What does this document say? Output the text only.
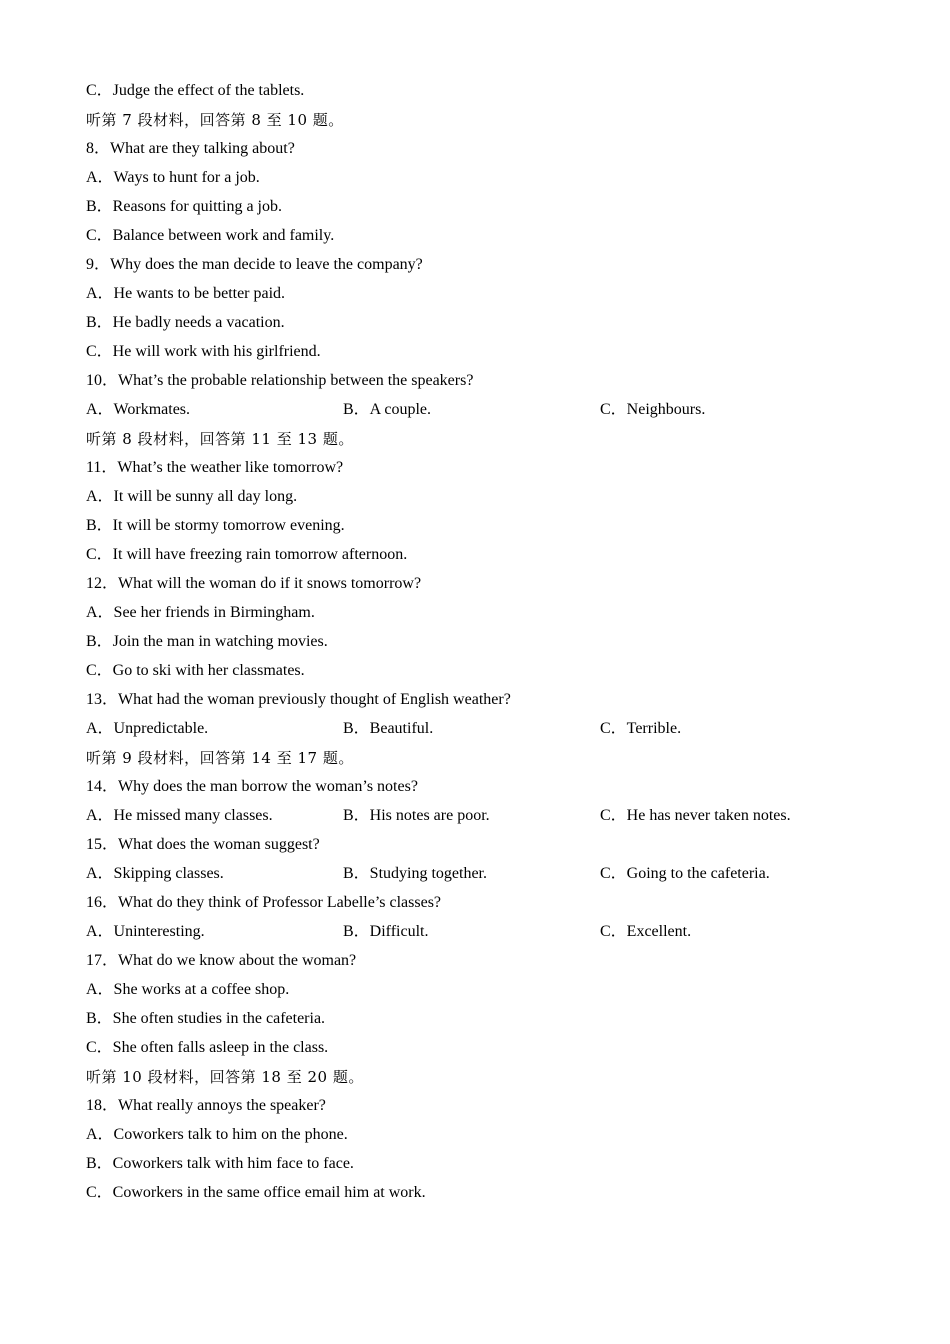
C．Judge the effect of the tablets.
听第 7 段材料，回答第 8 至 10 题。
8．What are they talking about?
A．Ways to hunt for a job.
B．Reasons for quitting a job.
C．Balance between work and family.
9．Why does the man decide to leave the company?
A．He wants to be better paid.
B．He badly needs a vacation.
C．He will work with his girlfriend.
10．What’s the probable relationship between the speakers?
A．Workmates.	B．A couple.	C．Neighbours.
听第 8 段材料，回答第 11 至 13 题。
11．What’s the weather like tomorrow?
A．It will be sunny all day long.
B．It will be stormy tomorrow evening.
C．It will have freezing rain tomorrow afternoon.
12．What will the woman do if it snows tomorrow?
A．See her friends in Birmingham.
B．Join the man in watching movies.
C．Go to ski with her classmates.
13．What had the woman previously thought of English weather?
A．Unpredictable.	B．Beautiful.	C．Terrible.
听第 9 段材料，回答第 14 至 17 题。
14．Why does the man borrow the woman’s notes?
A．He missed many classes.	B．His notes are poor.	C．He has never taken notes.
15．What does the woman suggest?
A．Skipping classes.	B．Studying together.	C．Going to the cafeteria.
16．What do they think of Professor Labelle’s classes?
A．Uninteresting.	B．Difficult.	C．Excellent.
17．What do we know about the woman?
A．She works at a coffee shop.
B．She often studies in the cafeteria.
C．She often falls asleep in the class.
听第 10 段材料，回答第 18 至 20 题。
18．What really annoys the speaker?
A．Coworkers talk to him on the phone.
B．Coworkers talk with him face to face.
C．Coworkers in the same office email him at work.
